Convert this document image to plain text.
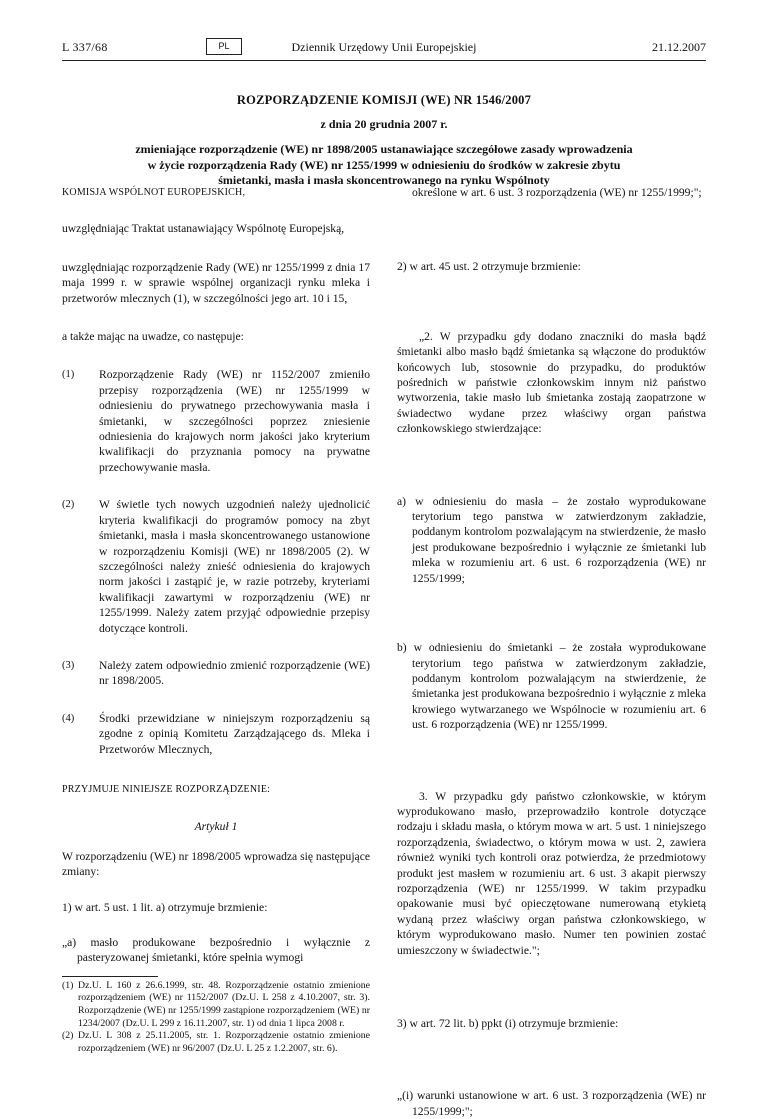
L 337/68	PL	Dziennik Urzędowy Unii Europejskiej	21.12.2007
ROZPORZĄDZENIE KOMISJI (WE) NR 1546/2007
z dnia 20 grudnia 2007 r.
zmieniające rozporządzenie (WE) nr 1898/2005 ustanawiające szczegółowe zasady wprowadzenia
w życie rozporządzenia Rady (WE) nr 1255/1999 w odniesieniu do środków w zakresie zbytu
śmietanki, masła i masła skoncentrowanego na rynku Wspólnoty

KOMISJA WSPÓLNOT EUROPEJSKICH,

uwzględniając Traktat ustanawiający Wspólnotę Europejską,

uwzględniając rozporządzenie Rady (WE) nr 1255/1999 z dnia 17 maja 1999 r. w sprawie wspólnej organizacji rynku mleka i przetworów mlecznych (1), w szczególności jego art. 10 i 15,

a także mając na uwadze, co następuje:

(1)	Rozporządzenie Rady (WE) nr 1152/2007 zmieniło przepisy rozporządzenia (WE) nr 1255/1999 w odniesieniu do prywatnego przechowywania masła i śmietanki, w szczególności poprzez zniesienie odniesienia do krajowych norm jakości jako kryterium kwalifikacji do przyznania pomocy na prywatne przechowywanie masła.
(2)	W świetle tych nowych uzgodnień należy ujednolicić kryteria kwalifikacji do programów pomocy na zbyt śmietanki, masła i masła skoncentrowanego ustanowione w rozporządzeniu Komisji (WE) nr 1898/2005 (2). W szczególności należy znieść odniesienia do krajowych norm jakości i zastąpić je, w razie potrzeby, kryteriami kwalifikacji zawartymi w rozporządzeniu (WE) nr 1255/1999. Należy zatem przyjąć odpowiednie przepisy dotyczące kontroli.
(3)	Należy zatem odpowiednio zmienić rozporządzenie (WE) nr 1898/2005.
(4)	Środki przewidziane w niniejszym rozporządzeniu są zgodne z opinią Komitetu Zarządzającego ds. Mleka i Przetworów Mlecznych,

PRZYJMUJE NINIEJSZE ROZPORZĄDZENIE:

Artykuł 1

W rozporządzeniu (WE) nr 1898/2005 wprowadza się następujące zmiany:

1) w art. 5 ust. 1 lit. a) otrzymuje brzmienie:

„a) masło produkowane bezpośrednio i wyłącznie z pasteryzowanej śmietanki, które spełnia wymogi

(1) Dz.U. L 160 z 26.6.1999, str. 48. Rozporządzenie ostatnio zmienione rozporządzeniem (WE) nr 1152/2007 (Dz.U. L 258 z 4.10.2007, str. 3). Rozporządzenie (WE) nr 1255/1999 zastąpione rozporządzeniem (WE) nr 1234/2007 (Dz.U. L 299 z 16.11.2007, str. 1) od dnia 1 lipca 2008 r.
(2) Dz.U. L 308 z 25.11.2005, str. 1. Rozporządzenie ostatnio zmienione rozporządzeniem (WE) nr 96/2007 (Dz.U. L 25 z 1.2.2007, str. 6).

określone w art. 6 ust. 3 rozporządzenia (WE) nr 1255/1999;";

2) w art. 45 ust. 2 otrzymuje brzmienie:

„2. W przypadku gdy dodano znaczniki do masła bądź śmietanki albo masło bądź śmietanka są włączone do produktów końcowych lub, stosownie do przypadku, do produktów pośrednich w państwie członkowskim innym niż państwo wytworzenia, takie masło lub śmietanka zostają zaopatrzone w świadectwo wydane przez właściwy organ państwa członkowskiego stwierdzające:

a) w odniesieniu do masła – że zostało wyprodukowane terytorium tego panstwa w zatwierdzonym zakładzie, poddanym kontrolom pozwalającym na stwierdzenie, że masło jest produkowane bezpośrednio i wyłącznie ze śmietanki lub mleka w rozumieniu art. 6 ust. 6 rozporządzenia (WE) nr 1255/1999;

b) w odniesieniu do śmietanki – że została wyprodukowane terytorium tego państwa w zatwierdzonym zakładzie, poddanym kontrolom pozwalającym na stwierdzenie, że śmietanka jest produkowana bezpośrednio i wyłącznie z mleka krowiego wytwarzanego we Wspólnocie w rozumieniu art. 6 ust. 6 rozporządzenia (WE) nr 1255/1999.

3. W przypadku gdy państwo członkowskie, w którym wyprodukowano masło, przeprowadziło kontrole dotyczące rodzaju i składu masła, o którym mowa w art. 5 ust. 1 niniejszego rozporządzenia, świadectwo, o którym mowa w ust. 2, zawiera również wyniki tych kontroli oraz potwierdza, że przedmiotowy produkt jest masłem w rozumieniu art. 6 ust. 3 akapit pierwszy rozporządzenia (WE) nr 1255/1999. W takim przypadku opakowanie musi być opieczętowane numerowaną etykietą wydaną przez właściwy organ państwa członkowskiego, w którym wyprodukowano masło. Numer ten powinien zostać umieszczony w świadectwie.";

3) w art. 72 lit. b) ppkt (i) otrzymuje brzmienie:

„(i) warunki ustanowione w art. 6 ust. 3 rozporządzenia (WE) nr 1255/1999;";
